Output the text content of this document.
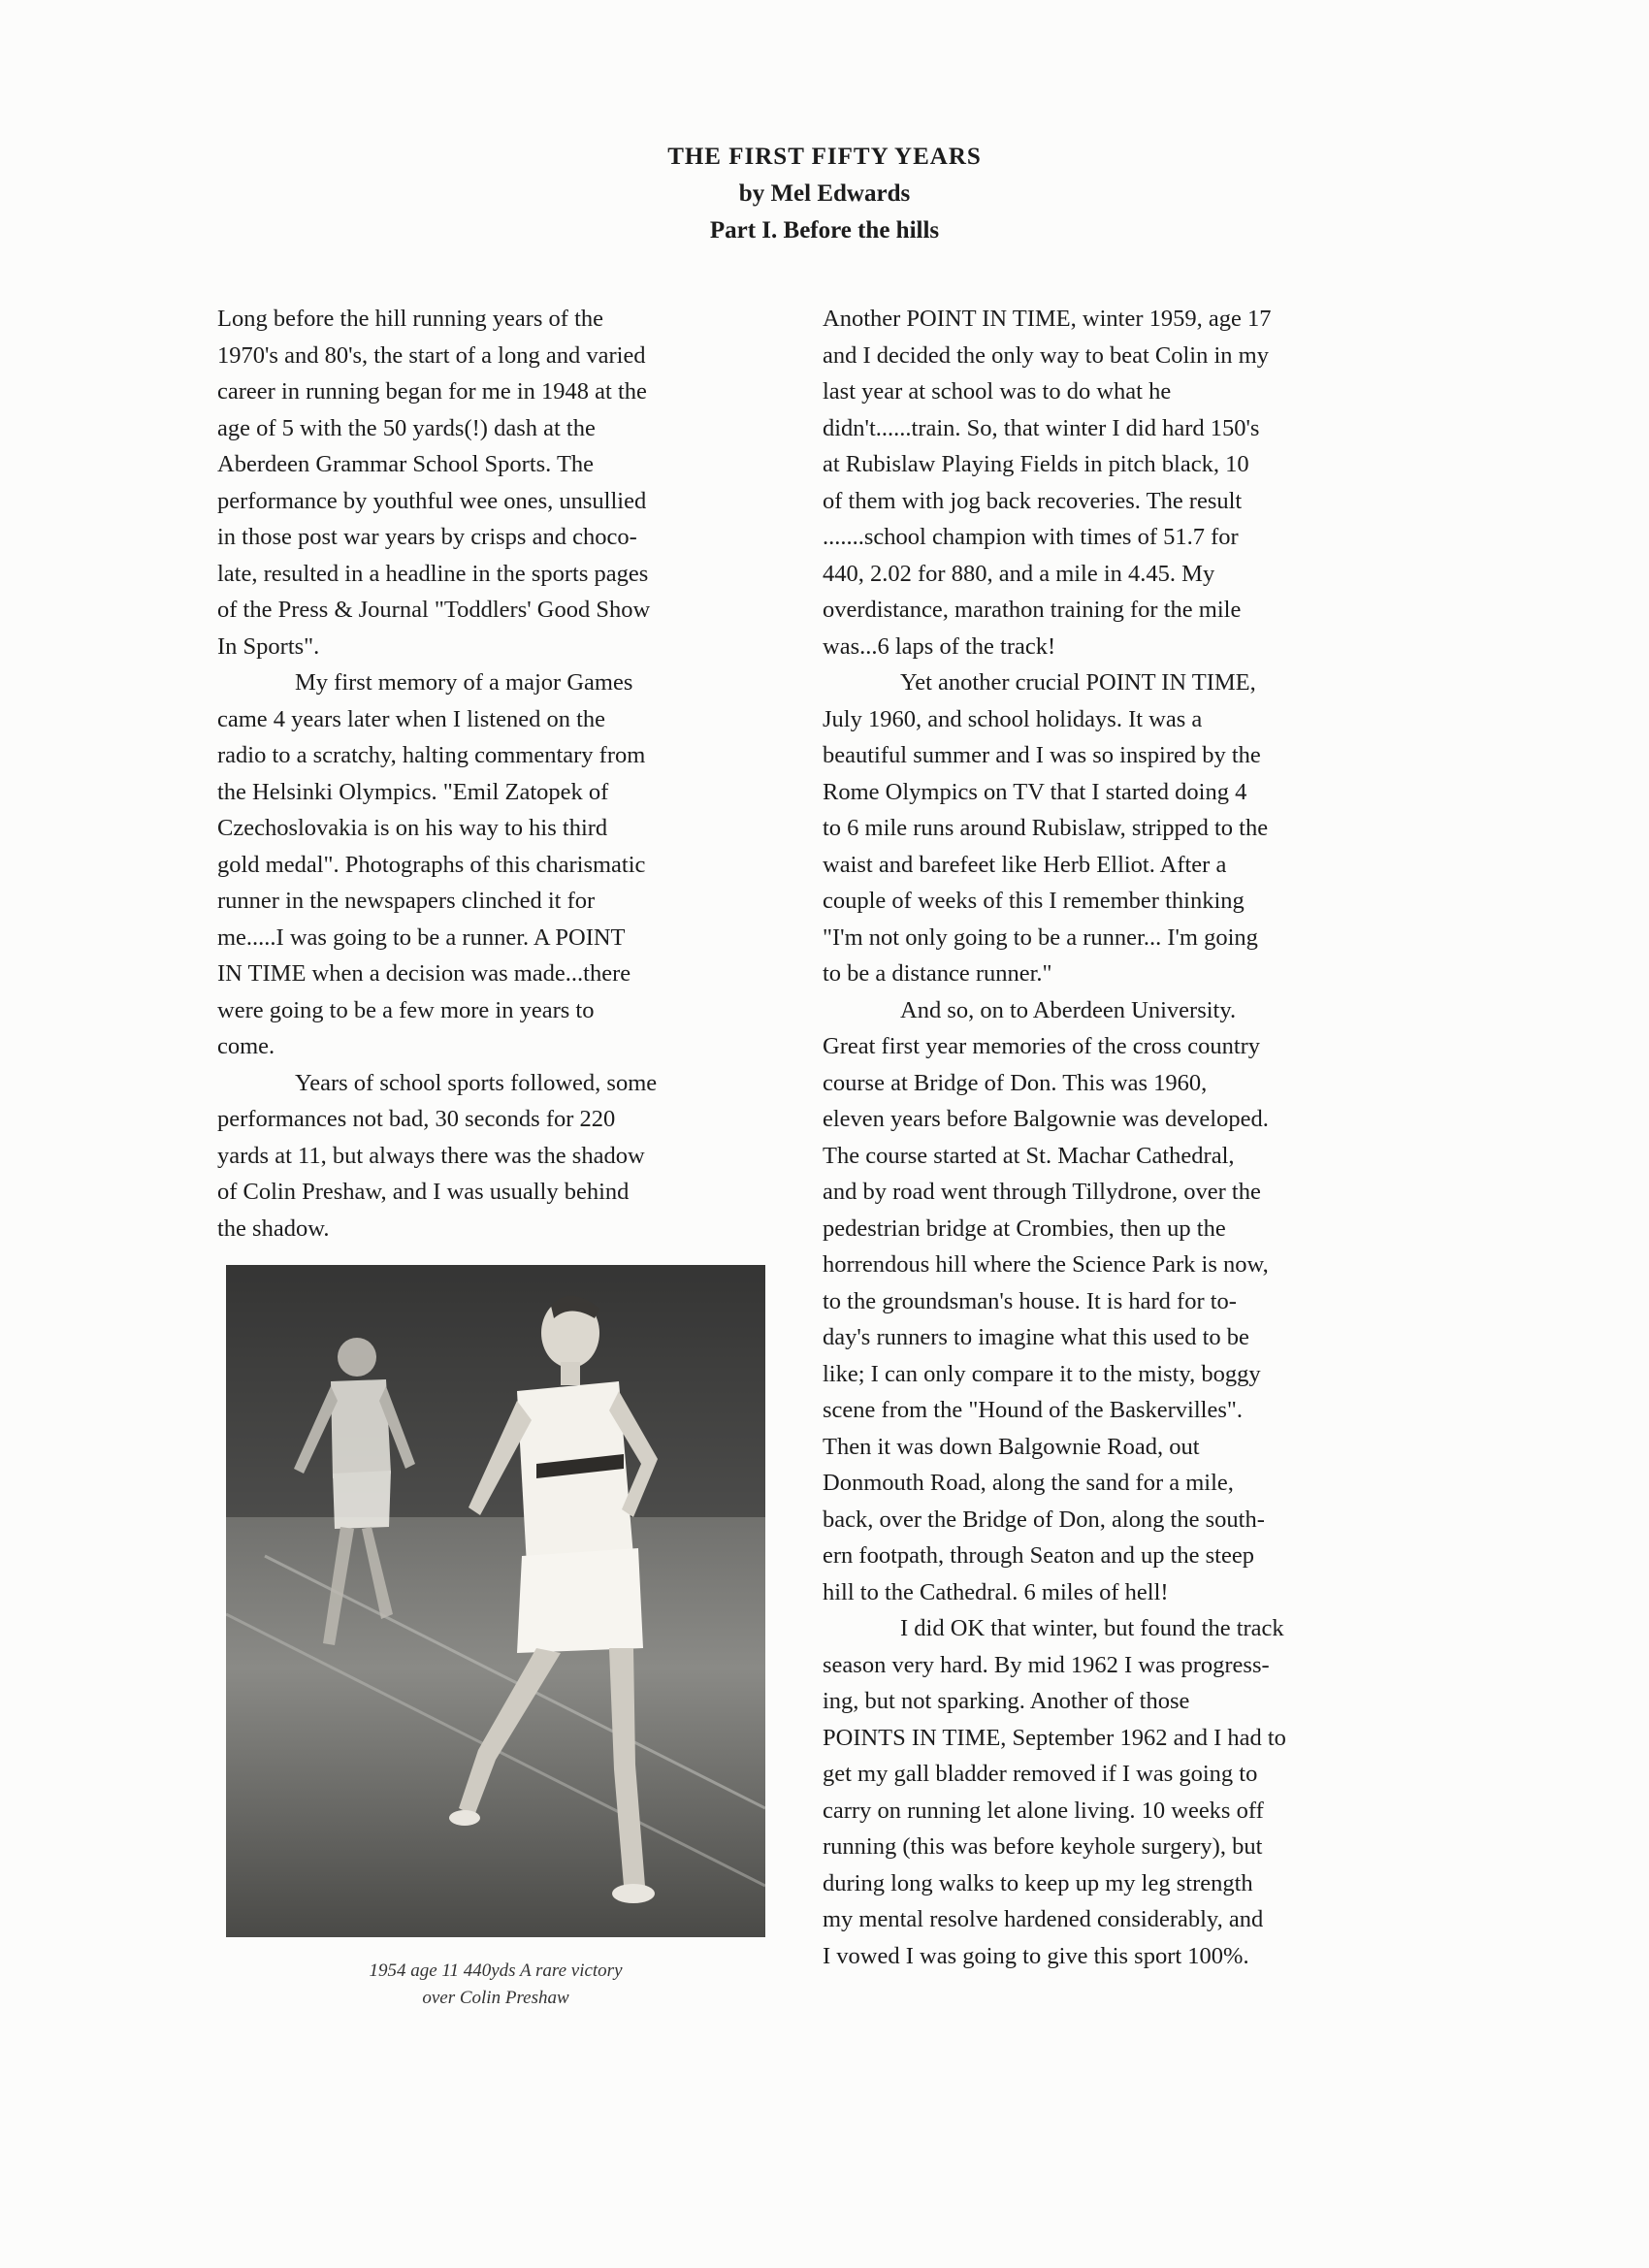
THE FIRST FIFTY YEARS
by Mel Edwards
Part I. Before the hills

Long before the hill running years of the
1970's and 80's, the start of a long and varied
career in running began for me in 1948 at the
age of 5 with the 50 yards(!) dash at the
Aberdeen Grammar School Sports. The
performance by youthful wee ones, unsullied
in those post war years by crisps and choco-
late, resulted in a headline in the sports pages
of the Press & Journal "Toddlers' Good Show
In Sports".

My first memory of a major Games
came 4 years later when I listened on the
radio to a scratchy, halting commentary from
the Helsinki Olympics. "Emil Zatopek of
Czechoslovakia is on his way to his third
gold medal". Photographs of this charismatic
runner in the newspapers clinched it for
me.....I was going to be a runner. A POINT
IN TIME when a decision was made...there
were going to be a few more in years to
come.

Years of school sports followed, some
performances not bad, 30 seconds for 220
yards at 11, but always there was the shadow
of Colin Preshaw, and I was usually behind
the shadow.

Another POINT IN TIME, winter 1959, age 17
and I decided the only way to beat Colin in my
last year at school was to do what he
didn't......train. So, that winter I did hard 150's
at Rubislaw Playing Fields in pitch black, 10
of them with jog back recoveries. The result
.......school champion with times of 51.7 for
440, 2.02 for 880, and a mile in 4.45. My
overdistance, marathon training for the mile
was...6 laps of the track!

Yet another crucial POINT IN TIME,
July 1960, and school holidays. It was a
beautiful summer and I was so inspired by the
Rome Olympics on TV that I started doing 4
to 6 mile runs around Rubislaw, stripped to the
waist and barefeet like Herb Elliot. After a
couple of weeks of this I remember thinking
"I'm not only going to be a runner... I'm going
to be a distance runner."

And so, on to Aberdeen University.
Great first year memories of the cross country
course at Bridge of Don. This was 1960,
eleven years before Balgownie was developed.
The course started at St. Machar Cathedral,
and by road went through Tillydrone, over the
pedestrian bridge at Crombies, then up the
horrendous hill where the Science Park is now,
to the groundsman's house. It is hard for to-
day's runners to imagine what this used to be
like; I can only compare it to the misty, boggy
scene from the "Hound of the Baskervilles".
Then it was down Balgownie Road, out
Donmouth Road, along the sand for a mile,
back, over the Bridge of Don, along the south-
ern footpath, through Seaton and up the steep
hill to the Cathedral. 6 miles of hell!

I did OK that winter, but found the track
season very hard. By mid 1962 I was progress-
ing, but not sparking. Another of those
POINTS IN TIME, September 1962 and I had to
get my gall bladder removed if I was going to
carry on running let alone living. 10 weeks off
running (this was before keyhole surgery), but
during long walks to keep up my leg strength
my mental resolve hardened considerably, and
I vowed I was going to give this sport 100%.

1954 age 11 440yds A rare victory
over Colin Preshaw
